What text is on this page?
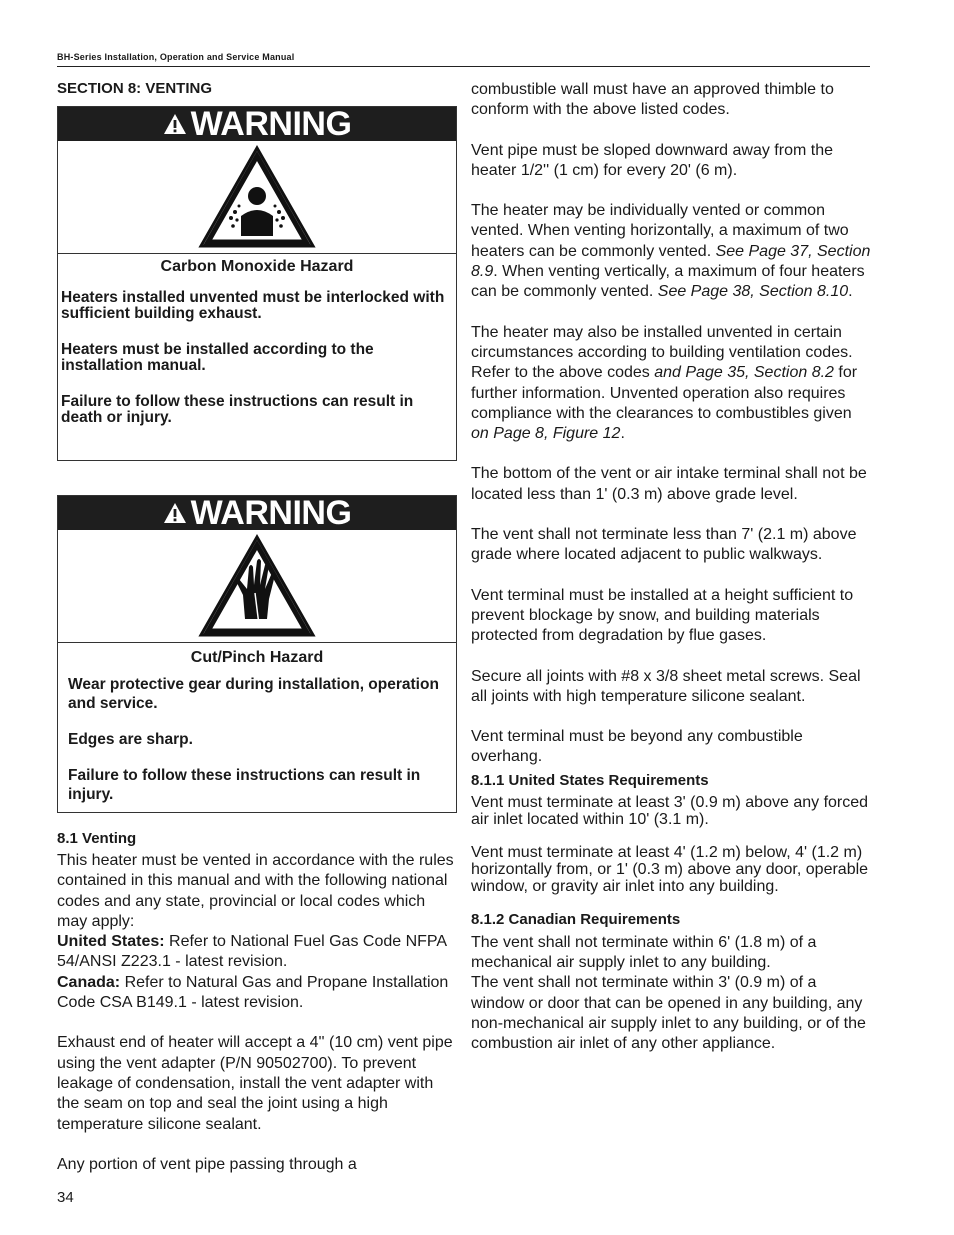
BH-Series Installation, Operation and Service Manual
SECTION 8: VENTING
WARNING
Carbon Monoxide Hazard
Heaters installed unvented must be interlocked with sufficient building exhaust.
Heaters must be installed according to the installation manual.
Failure to follow these instructions can result in death or injury.
WARNING
Cut/Pinch Hazard
Wear protective gear during installation, operation and service.
Edges are sharp.
Failure to follow these instructions can result in injury.
8.1 Venting

This heater must be vented in accordance with the rules contained in this manual and with the following national codes and any state, provincial or local codes which may apply:
United States: Refer to National Fuel Gas Code NFPA 54/ANSI Z223.1 - latest revision.
Canada: Refer to Natural Gas and Propane Installation Code CSA B149.1 - latest revision.

Exhaust end of heater will accept a 4'' (10 cm) vent pipe using the vent adapter (P/N 90502700). To prevent leakage of condensation, install the vent adapter with the seam on top and seal the joint using a high temperature silicone sealant.

Any portion of vent pipe passing through a

combustible wall must have an approved thimble to conform with the above listed codes.

Vent pipe must be sloped downward away from the heater 1/2'' (1 cm) for every 20' (6 m).

The heater may be individually vented or common vented. When venting horizontally, a maximum of two heaters can be commonly vented. See Page 37, Section 8.9. When venting vertically, a maximum of four heaters can be commonly vented. See Page 38, Section 8.10.

The heater may also be installed unvented in certain circumstances according to building ventilation codes. Refer to the above codes and Page 35, Section 8.2 for further information. Unvented operation also requires compliance with the clearances to combustibles given on Page 8, Figure 12.

The bottom of the vent or air intake terminal shall not be located less than 1' (0.3 m) above grade level.

The vent shall not terminate less than 7' (2.1 m) above grade where located adjacent to public walkways.

Vent terminal must be installed at a height sufficient to prevent blockage by snow, and building materials protected from degradation by flue gases.

Secure all joints with #8 x 3/8 sheet metal screws. Seal all joints with high temperature silicone sealant.

Vent terminal must be beyond any combustible overhang.

8.1.1 United States Requirements

Vent must terminate at least 3' (0.9 m) above any forced air inlet located within 10' (3.1 m).

Vent must terminate at least 4' (1.2 m) below, 4' (1.2 m) horizontally from, or 1' (0.3 m) above any door, operable window, or gravity air inlet into any building.

8.1.2 Canadian Requirements

The vent shall not terminate within 6' (1.8 m) of a mechanical air supply inlet to any building.

The vent shall not terminate within 3' (0.9 m) of a window or door that can be opened in any building, any non-mechanical air supply inlet to any building, or of the combustion air inlet of any other appliance.

34
